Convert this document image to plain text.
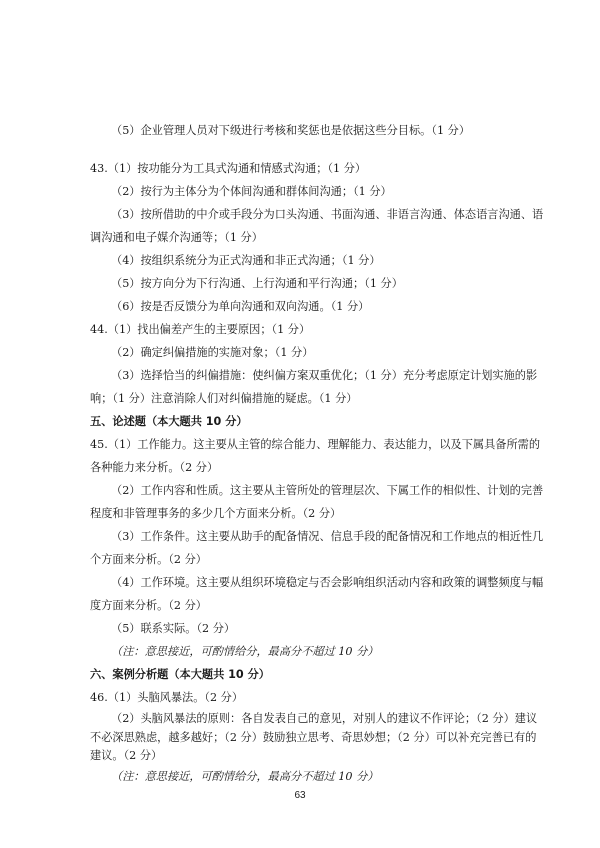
（5）企业管理人员对下级进行考核和奖惩也是依据这些分目标。（1 分）
43.（1）按功能分为工具式沟通和情感式沟通；（1 分）
（2）按行为主体分为个体间沟通和群体间沟通；（1 分）
（3）按所借助的中介或手段分为口头沟通、书面沟通、非语言沟通、体态语言沟通、语
调沟通和电子媒介沟通等；（1 分）
（4）按组织系统分为正式沟通和非正式沟通；（1 分）
（5）按方向分为下行沟通、上行沟通和平行沟通；（1 分）
（6）按是否反馈分为单向沟通和双向沟通。（1 分）
44.（1）找出偏差产生的主要原因；（1 分）
（2）确定纠偏措施的实施对象；（1 分）
（3）选择恰当的纠偏措施：使纠偏方案双重优化；（1 分）充分考虑原定计划实施的影
响；（1 分）注意消除人们对纠偏措施的疑虑。（1 分）
五、论述题（本大题共 10 分）
45.（1）工作能力。这主要从主管的综合能力、理解能力、表达能力，以及下属具备所需的
各种能力来分析。（2 分）
（2）工作内容和性质。这主要从主管所处的管理层次、下属工作的相似性、计划的完善
程度和非管理事务的多少几个方面来分析。（2 分）
（3）工作条件。这主要从助手的配备情况、信息手段的配备情况和工作地点的相近性几
个方面来分析。（2 分）
（4）工作环境。这主要从组织环境稳定与否会影响组织活动内容和政策的调整频度与幅
度方面来分析。（2 分）
（5）联系实际。（2 分）
（注：意思接近，可酌情给分，最高分不超过 10 分）
六、案例分析题（本大题共 10 分）
46.（1）头脑风暴法。（2 分）
（2）头脑风暴法的原则：各自发表自己的意见，对别人的建议不作评论；（2 分）建议
不必深思熟虑，越多越好；（2 分）鼓励独立思考、奇思妙想；（2 分）可以补充完善已有的
建议。（2 分）
（注：意思接近，可酌情给分，最高分不超过 10 分）
63
